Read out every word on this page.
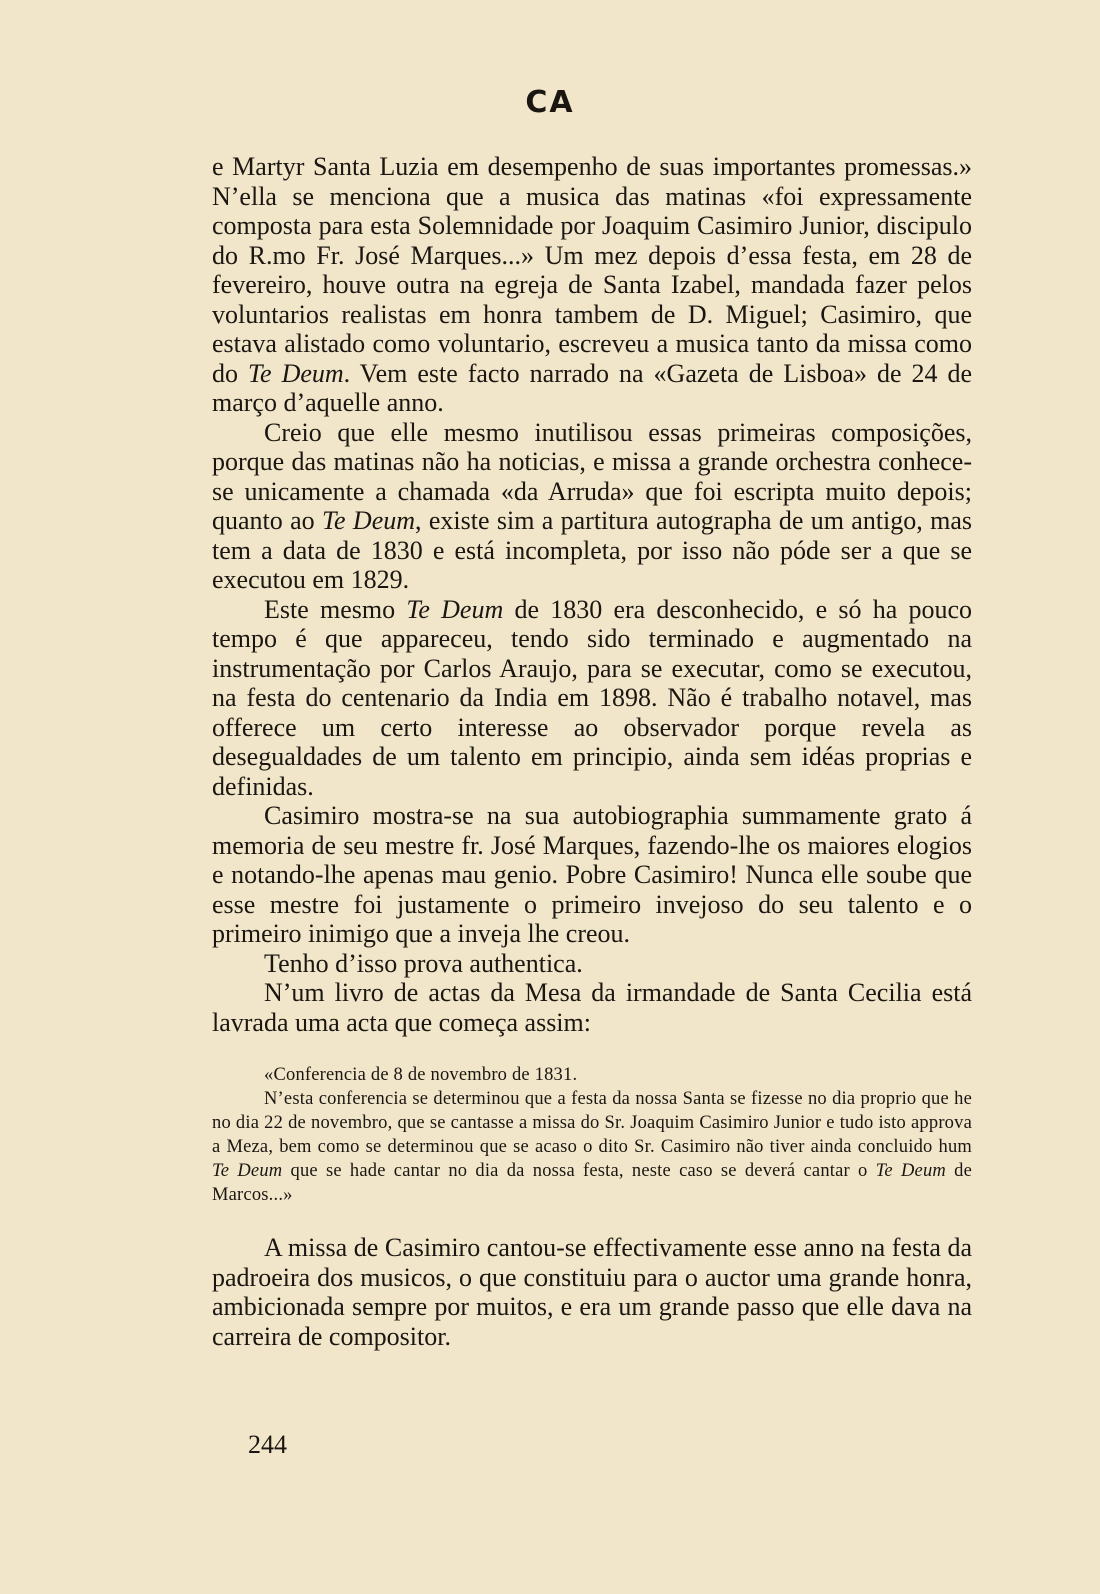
CA

e Martyr Santa Luzia em desempenho de suas importantes promessas.» N’ella se menciona que a musica das matinas «foi expressamente composta para esta Solemnidade por Joaquim Casimiro Junior, discipulo do R.mo Fr. José Marques...» Um mez depois d’essa festa, em 28 de fevereiro, houve outra na egreja de Santa Izabel, mandada fazer pelos voluntarios realistas em honra tambem de D. Miguel; Casimiro, que estava alistado como voluntario, escreveu a musica tanto da missa como do Te Deum. Vem este facto narrado na «Gazeta de Lisboa» de 24 de março d’aquelle anno.

Creio que elle mesmo inutilisou essas primeiras composições, porque das matinas não ha noticias, e missa a grande orchestra conhece-se unicamente a chamada «da Arruda» que foi escripta muito depois; quanto ao Te Deum, existe sim a partitura autographa de um antigo, mas tem a data de 1830 e está incompleta, por isso não póde ser a que se executou em 1829.

Este mesmo Te Deum de 1830 era desconhecido, e só ha pouco tempo é que appareceu, tendo sido terminado e augmentado na instrumentação por Carlos Araujo, para se executar, como se executou, na festa do centenario da India em 1898. Não é trabalho notavel, mas offerece um certo interesse ao observador porque revela as desegualdades de um talento em principio, ainda sem idéas proprias e definidas.

Casimiro mostra-se na sua autobiographia summamente grato á memoria de seu mestre fr. José Marques, fazendo-lhe os maiores elogios e notando-lhe apenas mau genio. Pobre Casimiro! Nunca elle soube que esse mestre foi justamente o primeiro invejoso do seu talento e o primeiro inimigo que a inveja lhe creou.

Tenho d’isso prova authentica.

N’um livro de actas da Mesa da irmandade de Santa Cecilia está lavrada uma acta que começa assim:

«Conferencia de 8 de novembro de 1831.

N’esta conferencia se determinou que a festa da nossa Santa se fizesse no dia proprio que he no dia 22 de novembro, que se cantasse a missa do Sr. Joaquim Casimiro Junior e tudo isto approva a Meza, bem como se determinou que se acaso o dito Sr. Casimiro não tiver ainda concluido hum Te Deum que se hade cantar no dia da nossa festa, neste caso se deverá cantar o Te Deum de Marcos...»

A missa de Casimiro cantou-se effectivamente esse anno na festa da padroeira dos musicos, o que constituiu para o auctor uma grande honra, ambicionada sempre por muitos, e era um grande passo que elle dava na carreira de compositor.

244
